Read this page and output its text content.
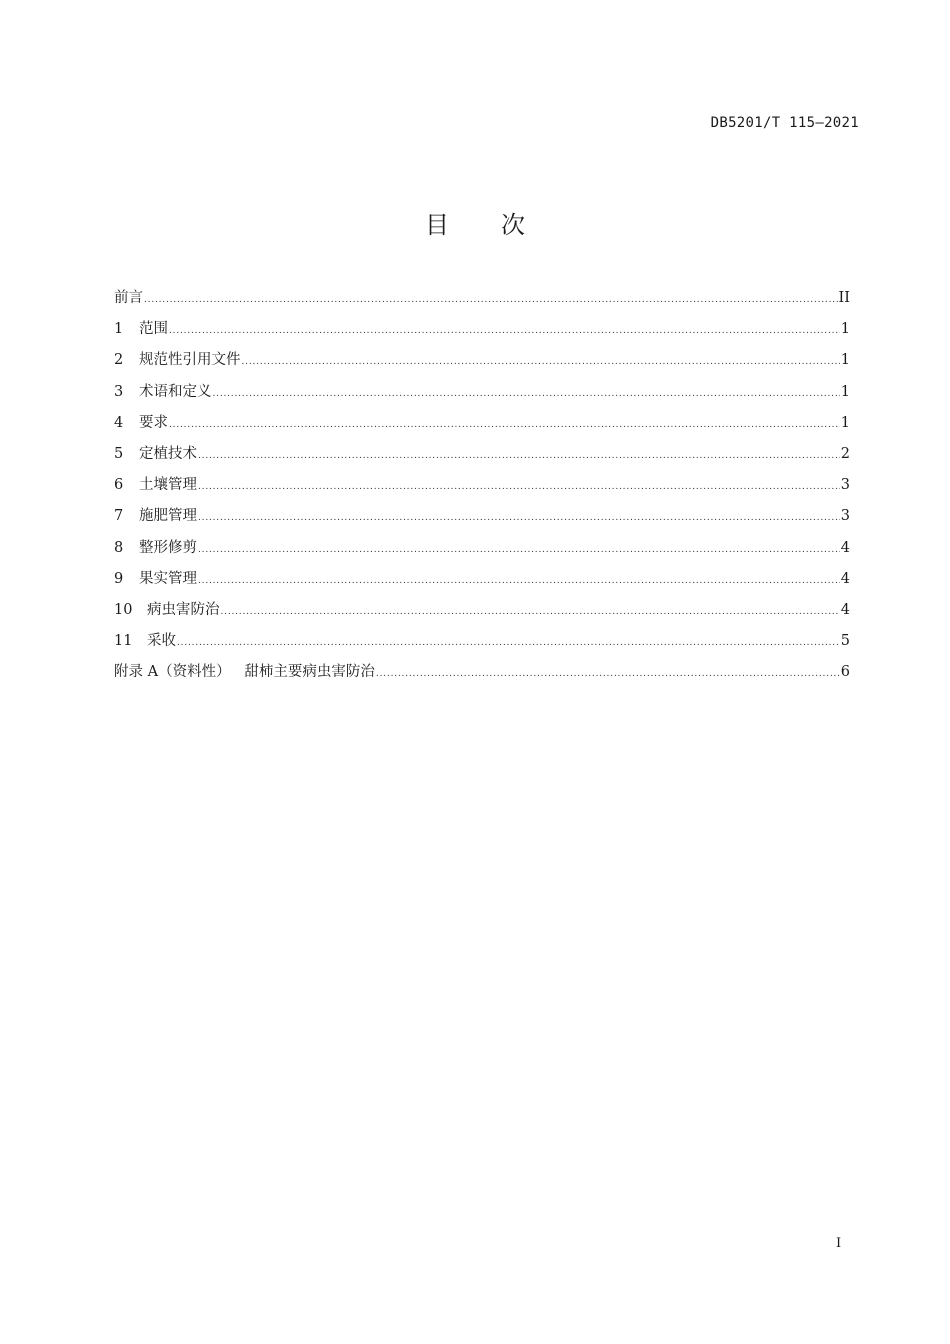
DB5201/T 115—2021
目 次
前言 .....	II
1	范围 .....	1
2	规范性引用文件 .....	1
3	术语和定义 .....	1
4	要求 .....	1
5	定植技术 .....	2
6	土壤管理 .....	3
7	施肥管理 .....	3
8	整形修剪 .....	4
9	果实管理 .....	4
10	病虫害防治 .....	4
11	采收 .....	5
附录 A（资料性）   甜柿主要病虫害防治 .....	6
I
